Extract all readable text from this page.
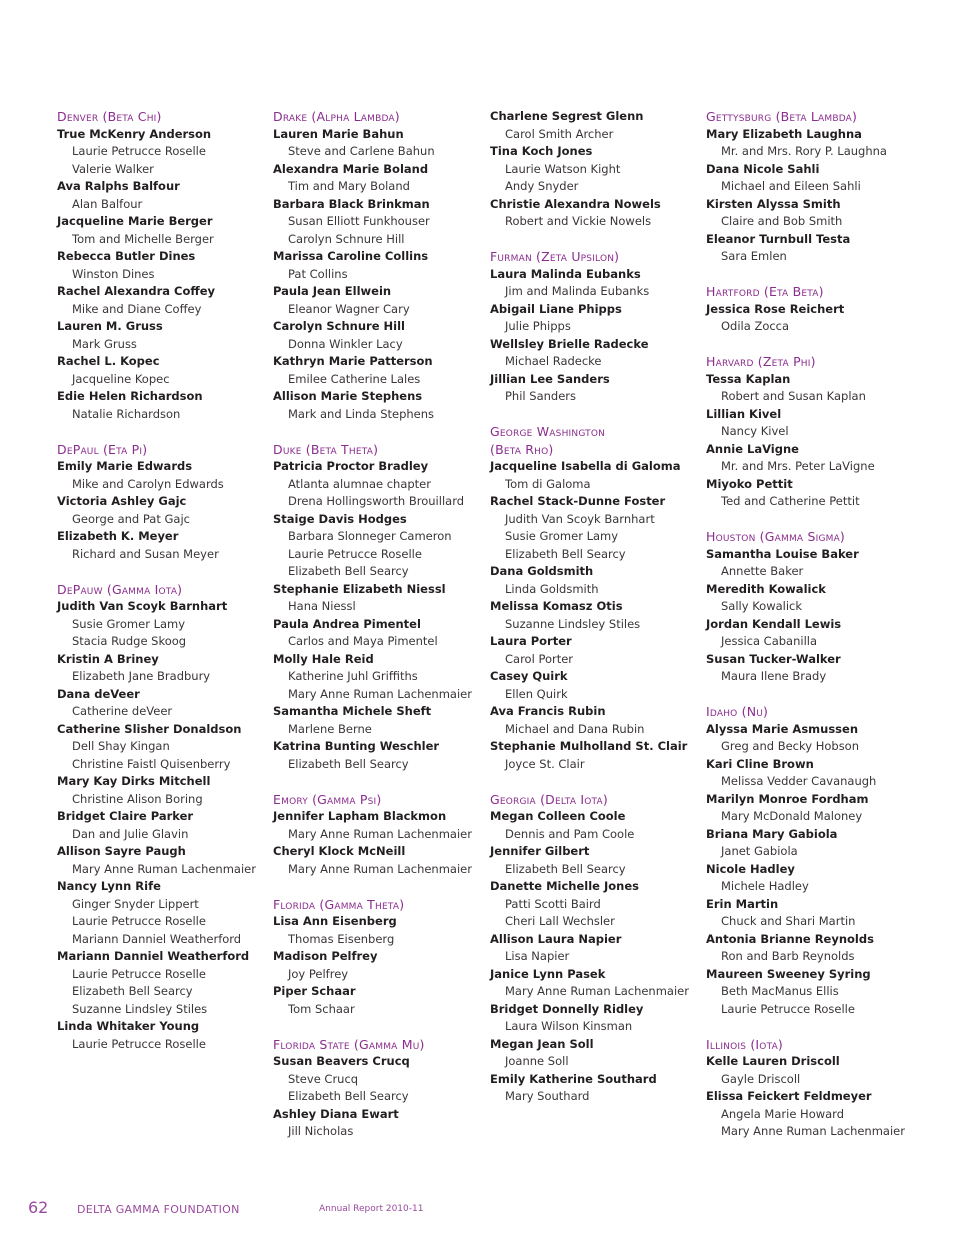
Denver (Beta Chi)
True McKenry Anderson
Laurie Petrucce Roselle
Valerie Walker
Ava Ralphs Balfour
Alan Balfour
Jacqueline Marie Berger
Tom and Michelle Berger
Rebecca Butler Dines
Winston Dines
Rachel Alexandra Coffey
Mike and Diane Coffey
Lauren M. Gruss
Mark Gruss
Rachel L. Kopec
Jacqueline Kopec
Edie Helen Richardson
Natalie Richardson
DePaul (Eta Pi)
Emily Marie Edwards
Mike and Carolyn Edwards
Victoria Ashley Gajc
George and Pat Gajc
Elizabeth K. Meyer
Richard and Susan Meyer
DePauw (Gamma Iota)
Judith Van Scoyk Barnhart
Susie Gromer Lamy
Stacia Rudge Skoog
Kristin A Briney
Elizabeth Jane Bradbury
Dana deVeer
Catherine deVeer
Catherine Slisher Donaldson
Dell Shay Kingan
Christine Faistl Quisenberry
Mary Kay Dirks Mitchell
Christine Alison Boring
Bridget Claire Parker
Dan and Julie Glavin
Allison Sayre Paugh
Mary Anne Ruman Lachenmaier
Nancy Lynn Rife
Ginger Snyder Lippert
Laurie Petrucce Roselle
Mariann Danniel Weatherford
Mariann Danniel Weatherford
Laurie Petrucce Roselle
Elizabeth Bell Searcy
Suzanne Lindsley Stiles
Linda Whitaker Young
Laurie Petrucce Roselle
Drake (Alpha Lambda)
Lauren Marie Bahun
Steve and Carlene Bahun
Alexandra Marie Boland
Tim and Mary Boland
Barbara Black Brinkman
Susan Elliott Funkhouser
Carolyn Schnure Hill
Marissa Caroline Collins
Pat Collins
Paula Jean Ellwein
Eleanor Wagner Cary
Carolyn Schnure Hill
Donna Winkler Lacy
Kathryn Marie Patterson
Emilee Catherine Lales
Allison Marie Stephens
Mark and Linda Stephens
Duke (Beta Theta)
Patricia Proctor Bradley
Atlanta alumnae chapter
Drena Hollingsworth Brouillard
Staige Davis Hodges
Barbara Slonneger Cameron
Laurie Petrucce Roselle
Elizabeth Bell Searcy
Stephanie Elizabeth Niessl
Hana Niessl
Paula Andrea Pimentel
Carlos and Maya Pimentel
Molly Hale Reid
Katherine Juhl Griffiths
Mary Anne Ruman Lachenmaier
Samantha Michele Sheft
Marlene Berne
Katrina Bunting Weschler
Elizabeth Bell Searcy
Emory (Gamma Psi)
Jennifer Lapham Blackmon
Mary Anne Ruman Lachenmaier
Cheryl Klock McNeill
Mary Anne Ruman Lachenmaier
Florida (Gamma Theta)
Lisa Ann Eisenberg
Thomas Eisenberg
Madison Pelfrey
Joy Pelfrey
Piper Schaar
Tom Schaar
Florida State (Gamma Mu)
Susan Beavers Crucq
Steve Crucq
Elizabeth Bell Searcy
Ashley Diana Ewart
Jill Nicholas
Charlene Segrest Glenn
Carol Smith Archer
Tina Koch Jones
Laurie Watson Kight
Andy Snyder
Christie Alexandra Nowels
Robert and Vickie Nowels
Furman (Zeta Upsilon)
Laura Malinda Eubanks
Jim and Malinda Eubanks
Abigail Liane Phipps
Julie Phipps
Wellsley Brielle Radecke
Michael Radecke
Jillian Lee Sanders
Phil Sanders
George Washington
(Beta Rho)
Jacqueline Isabella di Galoma
Tom di Galoma
Rachel Stack-Dunne Foster
Judith Van Scoyk Barnhart
Susie Gromer Lamy
Elizabeth Bell Searcy
Dana Goldsmith
Linda Goldsmith
Melissa Komasz Otis
Suzanne Lindsley Stiles
Laura Porter
Carol Porter
Casey Quirk
Ellen Quirk
Ava Francis Rubin
Michael and Dana Rubin
Stephanie Mulholland St. Clair
Joyce St. Clair
Georgia (Delta Iota)
Megan Colleen Coole
Dennis and Pam Coole
Jennifer Gilbert
Elizabeth Bell Searcy
Danette Michelle Jones
Patti Scotti Baird
Cheri Lall Wechsler
Allison Laura Napier
Lisa Napier
Janice Lynn Pasek
Mary Anne Ruman Lachenmaier
Bridget Donnelly Ridley
Laura Wilson Kinsman
Megan Jean Soll
Joanne Soll
Emily Katherine Southard
Mary Southard
Gettysburg (Beta Lambda)
Mary Elizabeth Laughna
Mr. and Mrs. Rory P. Laughna
Dana Nicole Sahli
Michael and Eileen Sahli
Kirsten Alyssa Smith
Claire and Bob Smith
Eleanor Turnbull Testa
Sara Emlen
Hartford (Eta Beta)
Jessica Rose Reichert
Odila Zocca
Harvard (Zeta Phi)
Tessa Kaplan
Robert and Susan Kaplan
Lillian Kivel
Nancy Kivel
Annie LaVigne
Mr. and Mrs. Peter LaVigne
Miyoko Pettit
Ted and Catherine Pettit
Houston (Gamma Sigma)
Samantha Louise Baker
Annette Baker
Meredith Kowalick
Sally Kowalick
Jordan Kendall Lewis
Jessica Cabanilla
Susan Tucker-Walker
Maura Ilene Brady
Idaho (Nu)
Alyssa Marie Asmussen
Greg and Becky Hobson
Kari Cline Brown
Melissa Vedder Cavanaugh
Marilyn Monroe Fordham
Mary McDonald Maloney
Briana Mary Gabiola
Janet Gabiola
Nicole Hadley
Michele Hadley
Erin Martin
Chuck and Shari Martin
Antonia Brianne Reynolds
Ron and Barb Reynolds
Maureen Sweeney Syring
Beth MacManus Ellis
Laurie Petrucce Roselle
Illinois (Iota)
Kelle Lauren Driscoll
Gayle Driscoll
Elissa Feickert Feldmeyer
Angela Marie Howard
Mary Anne Ruman Lachenmaier
62	DELTA GAMMA FOUNDATION	Annual Report 2010-11
